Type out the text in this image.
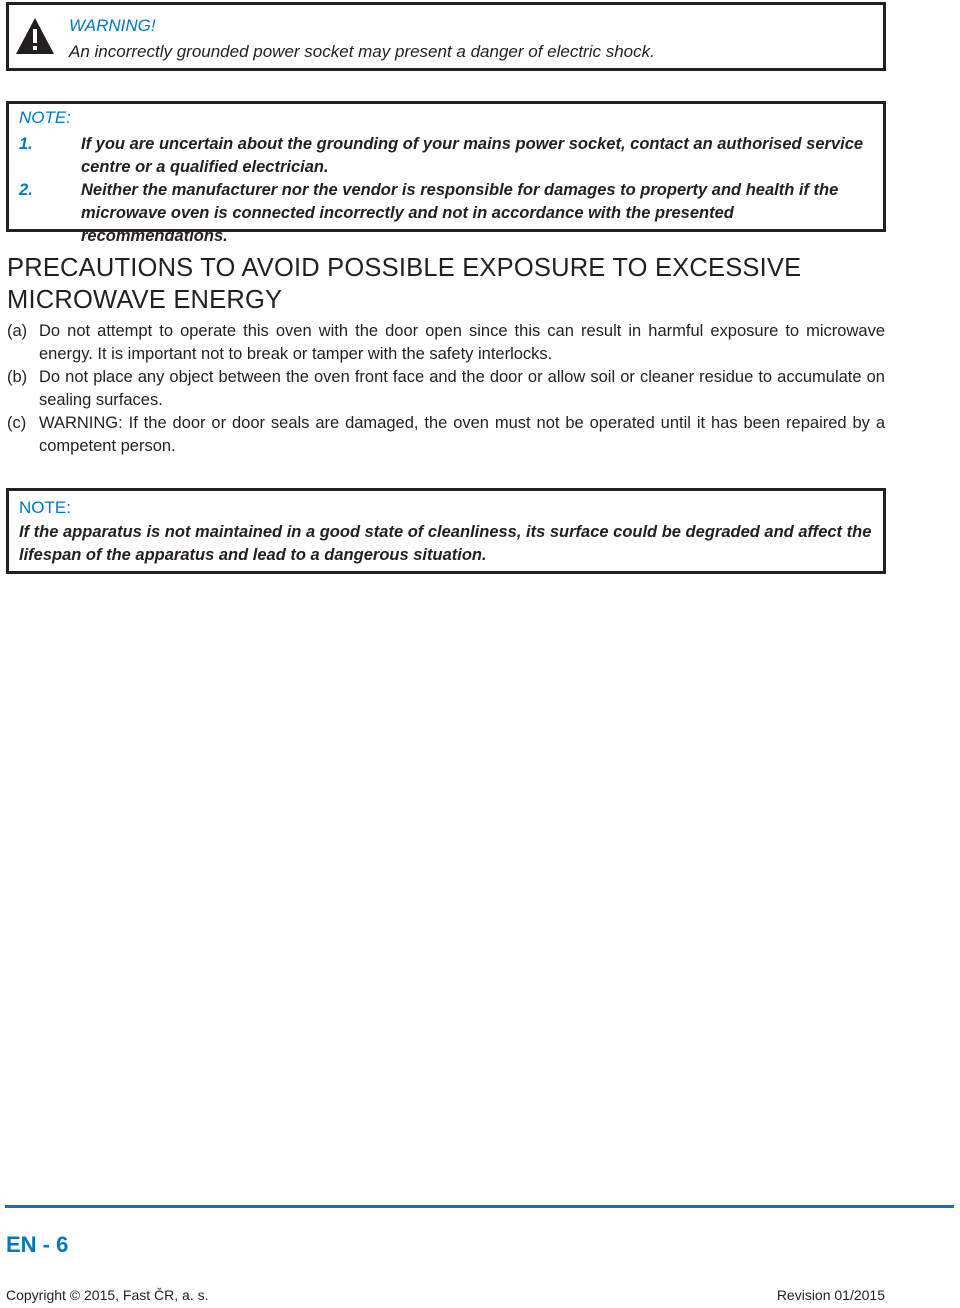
WARNING!
An incorrectly grounded power socket may present a danger of electric shock.
NOTE:
1.	If you are uncertain about the grounding of your mains power socket, contact an authorised service centre or a qualified electrician.
2.	Neither the manufacturer nor the vendor is responsible for damages to property and health if the microwave oven is connected incorrectly and not in accordance with the presented recommendations.
PRECAUTIONS TO AVOID POSSIBLE EXPOSURE TO EXCESSIVE MICROWAVE ENERGY
(a) Do not attempt to operate this oven with the door open since this can result in harmful exposure to microwave energy. It is important not to break or tamper with the safety interlocks.
(b) Do not place any object between the oven front face and the door or allow soil or cleaner residue to accumulate on sealing surfaces.
(c) WARNING: If the door or door seals are damaged, the oven must not be operated until it has been repaired by a competent person.
NOTE:
If the apparatus is not maintained in a good state of cleanliness, its surface could be degraded and affect the lifespan of the apparatus and lead to a dangerous situation.
EN - 6
Copyright © 2015, Fast ČR, a. s.	Revision 01/2015
